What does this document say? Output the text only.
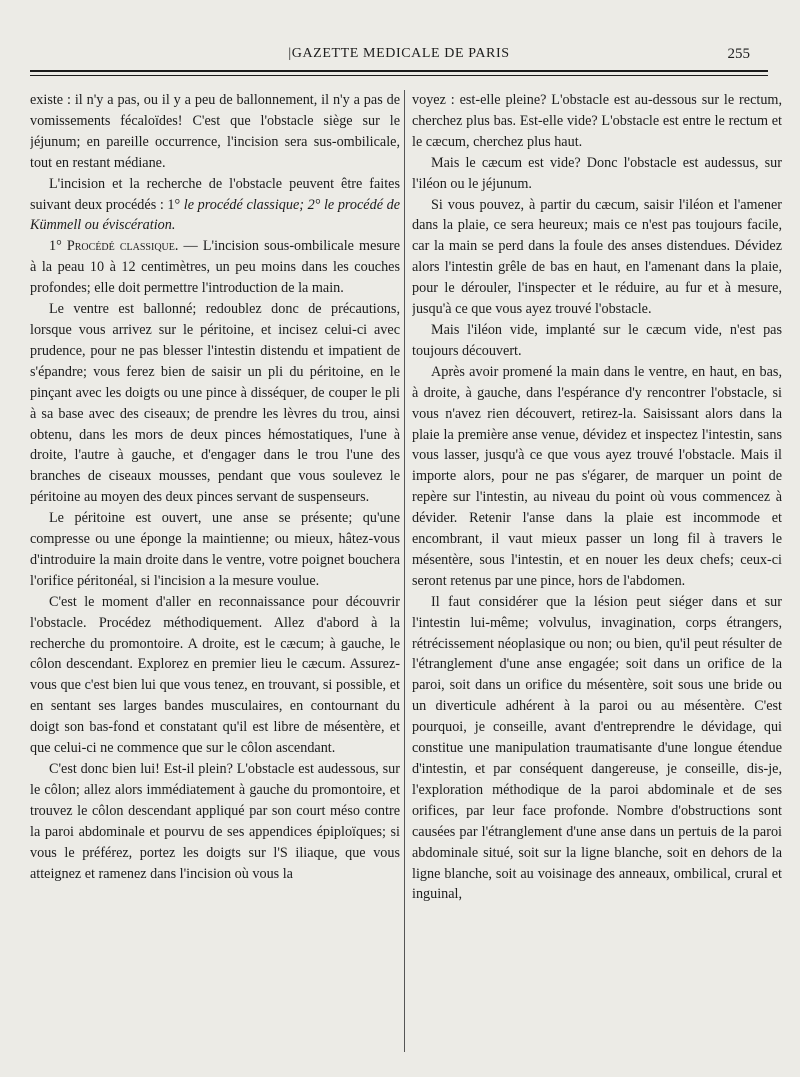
|GAZETTE MEDICALE DE PARIS	255

existe : il n'y a pas, ou il y a peu de ballonnement, il n'y a pas de vomissements fécaloïdes! C'est que l'obstacle siège sur le jéjunum; en pareille occurrence, l'incision sera sus-ombilicale, tout en restant médiane.

L'incision et la recherche de l'obstacle peuvent être faites suivant deux procédés : 1° le procédé classique; 2° le procédé de Kümmell ou éviscération.

1° Procédé classique. — L'incision sous-ombilicale mesure à la peau 10 à 12 centimètres, un peu moins dans les couches profondes; elle doit permettre l'introduction de la main.

Le ventre est ballonné; redoublez donc de précautions, lorsque vous arrivez sur le péritoine, et incisez celui-ci avec prudence, pour ne pas blesser l'intestin distendu et impatient de s'épandre; vous ferez bien de saisir un pli du péritoine, en le pinçant avec les doigts ou une pince à disséquer, de couper le pli à sa base avec des ciseaux; de prendre les lèvres du trou, ainsi obtenu, dans les mors de deux pinces hémostatiques, l'une à droite, l'autre à gauche, et d'engager dans le trou l'une des branches de ciseaux mousses, pendant que vous soulevez le péritoine au moyen des deux pinces servant de suspenseurs.

Le péritoine est ouvert, une anse se présente; qu'une compresse ou une éponge la maintienne; ou mieux, hâtez-vous d'introduire la main droite dans le ventre, votre poignet bouchera l'orifice péritonéal, si l'incision a la mesure voulue.

C'est le moment d'aller en reconnaissance pour découvrir l'obstacle. Procédez méthodiquement. Allez d'abord à la recherche du promontoire. A droite, est le cæcum; à gauche, le côlon descendant. Explorez en premier lieu le cæcum. Assurez-vous que c'est bien lui que vous tenez, en trouvant, si possible, et en sentant ses larges bandes musculaires, en contournant du doigt son bas-fond et constatant qu'il est libre de mésentère, et que celui-ci ne commence que sur le côlon ascendant.

C'est donc bien lui! Est-il plein? L'obstacle est audessous, sur le côlon; allez alors immédiatement à gauche du promontoire, et trouvez le côlon descendant appliqué par son court méso contre la paroi abdominale et pourvu de ses appendices épiploïques; si vous le préférez, portez les doigts sur l'S iliaque, que vous atteignez et ramenez dans l'incision où vous la

voyez : est-elle pleine? L'obstacle est au-dessous sur le rectum, cherchez plus bas. Est-elle vide? L'obstacle est entre le rectum et le cæcum, cherchez plus haut.

Mais le cæcum est vide? Donc l'obstacle est audessus, sur l'iléon ou le jéjunum.

Si vous pouvez, à partir du cæcum, saisir l'iléon et l'amener dans la plaie, ce sera heureux; mais ce n'est pas toujours facile, car la main se perd dans la foule des anses distendues. Dévidez alors l'intestin grêle de bas en haut, en l'amenant dans la plaie, pour le dérouler, l'inspecter et le réduire, au fur et à mesure, jusqu'à ce que vous ayez trouvé l'obstacle.

Mais l'iléon vide, implanté sur le cæcum vide, n'est pas toujours découvert.

Après avoir promené la main dans le ventre, en haut, en bas, à droite, à gauche, dans l'espérance d'y rencontrer l'obstacle, si vous n'avez rien découvert, retirez-la. Saisissant alors dans la plaie la première anse venue, dévidez et inspectez l'intestin, sans vous lasser, jusqu'à ce que vous ayez trouvé l'obstacle. Mais il importe alors, pour ne pas s'égarer, de marquer un point de repère sur l'intestin, au niveau du point où vous commencez à dévider. Retenir l'anse dans la plaie est incommode et encombrant, il vaut mieux passer un long fil à travers le mésentère, sous l'intestin, et en nouer les deux chefs; ceux-ci seront retenus par une pince, hors de l'abdomen.

Il faut considérer que la lésion peut siéger dans et sur l'intestin lui-même; volvulus, invagination, corps étrangers, rétrécissement néoplasique ou non; ou bien, qu'il peut résulter de l'étranglement d'une anse engagée; soit dans un orifice de la paroi, soit dans un orifice du mésentère, soit sous une bride ou un diverticule adhérent à la paroi ou au mésentère. C'est pourquoi, je conseille, avant d'entreprendre le dévidage, qui constitue une manipulation traumatisante d'une longue étendue d'intestin, et par conséquent dangereuse, je conseille, dis-je, l'exploration méthodique de la paroi abdominale et de ses orifices, par leur face profonde. Nombre d'obstructions sont causées par l'étranglement d'une anse dans un pertuis de la paroi abdominale situé, soit sur la ligne blanche, soit en dehors de la ligne blanche, soit au voisinage des anneaux, ombilical, crural et inguinal,
